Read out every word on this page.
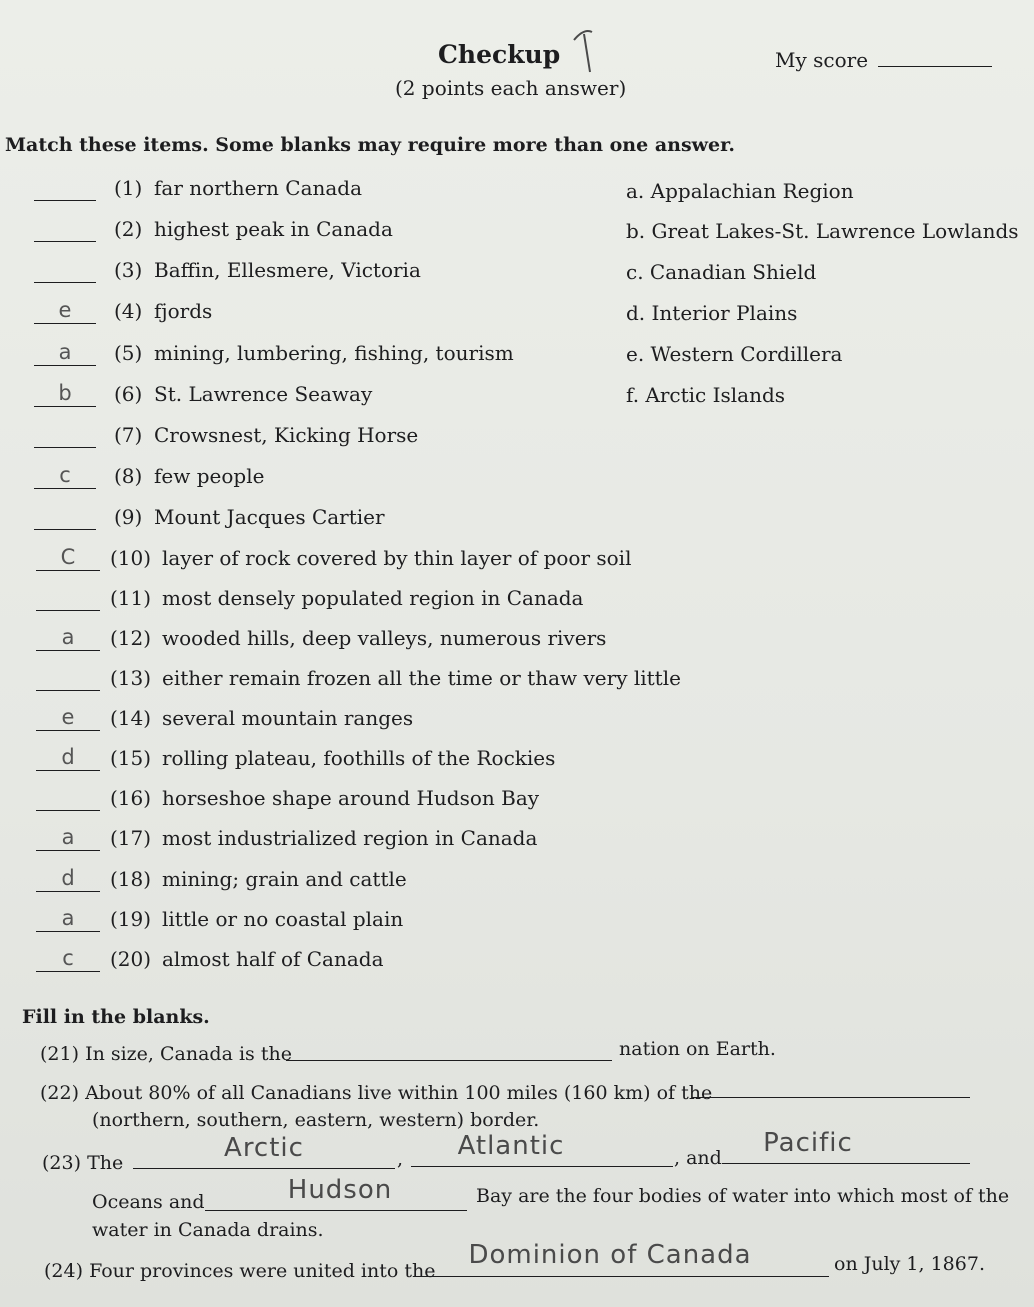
Checkup
(2 points each answer)
My score
Match these items. Some blanks may require more than one answer.
(1) far northern Canada
(2) highest peak in Canada
(3) Baffin, Ellesmere, Victoria
e	(4) fjords
a	(5) mining, lumbering, fishing, tourism
b	(6) St. Lawrence Seaway
(7) Crowsnest, Kicking Horse
c	(8) few people
(9) Mount Jacques Cartier
C	(10) layer of rock covered by thin layer of poor soil
(11) most densely populated region in Canada
a	(12) wooded hills, deep valleys, numerous rivers
(13) either remain frozen all the time or thaw very little
e	(14) several mountain ranges
d	(15) rolling plateau, foothills of the Rockies
(16) horseshoe shape around Hudson Bay
a	(17) most industrialized region in Canada
d	(18) mining; grain and cattle
a	(19) little or no coastal plain
c	(20) almost half of Canada
a. Appalachian Region
b. Great Lakes-St. Lawrence Lowlands
c. Canadian Shield
d. Interior Plains
e. Western Cordillera
f. Arctic Islands
Fill in the blanks.
(21) In size, Canada is the	nation on Earth.
(22) About 80% of all Canadians live within 100 miles (160 km) of the
(northern, southern, eastern, western) border.
(23) The	Arctic	,	Atlantic	, and	Pacific
Oceans and	Hudson	Bay are the four bodies of water into which most of the
water in Canada drains.
(24) Four provinces were united into the
Dominion of Canada	on July 1, 1867.
